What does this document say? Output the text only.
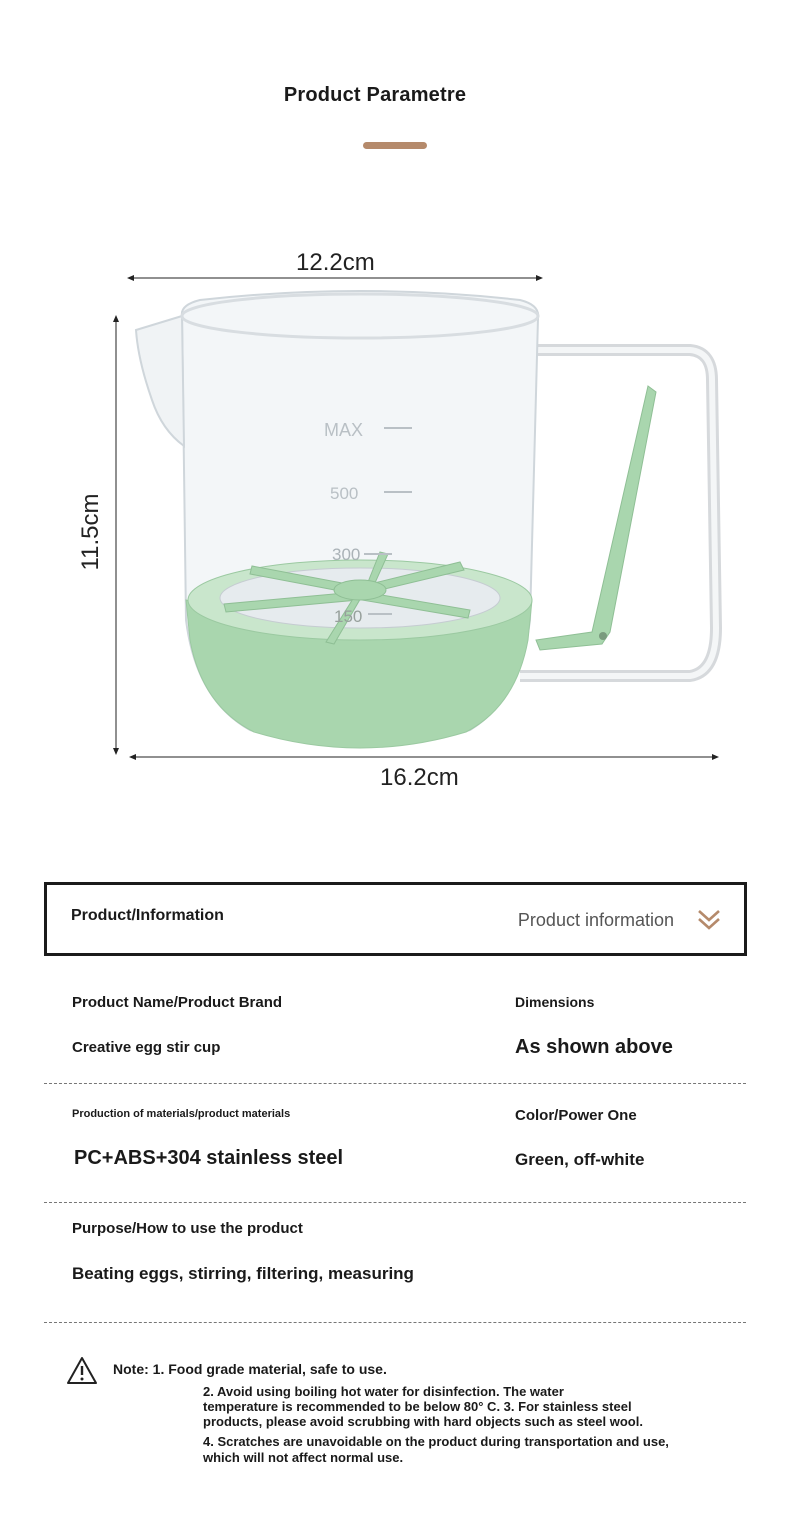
Product Parametre
MAX
500
300
150
12.2cm
11.5cm
16.2cm
Product/Information	Product information
Product Name/Product Brand	Dimensions
Creative egg stir cup	As shown above
Production of materials/product materials	Color/Power One
PC+ABS+304 stainless steel	Green, off-white
Purpose/How to use the product
Beating eggs, stirring, filtering, measuring
Note: 1. Food grade material, safe to use.
2. Avoid using boiling hot water for disinfection. The water
temperature is recommended to be below 80° C. 3. For stainless steel
products, please avoid scrubbing with hard objects such as steel wool.
4. Scratches are unavoidable on the product during transportation and use,
which will not affect normal use.
